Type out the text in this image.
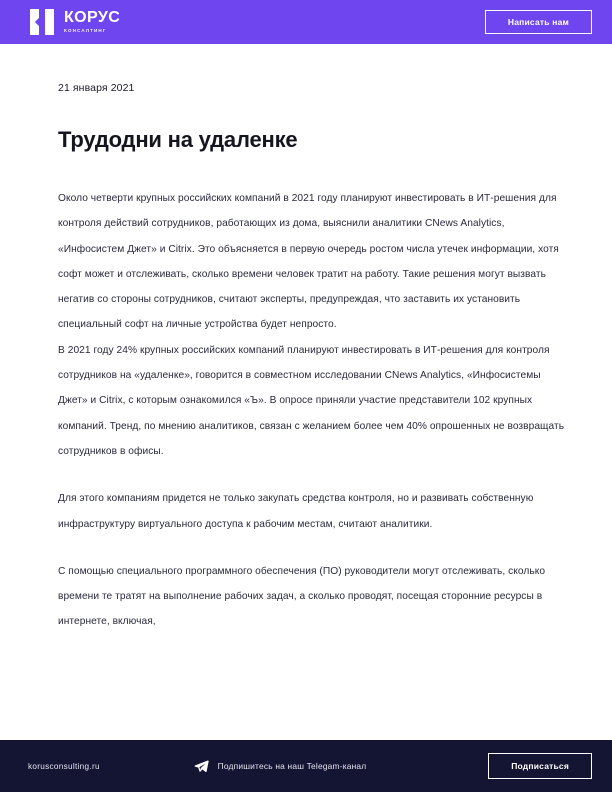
КОРУС
КОНСАЛТИНГ
Написать нам
21 января 2021
Трудодни на удаленке

Около четверти крупных российских компаний в 2021 году планируют инвестировать в ИТ-решения для контроля действий сотрудников, работающих из дома, выяснили аналитики CNews Analytics, «Инфосистем Джет» и Citrix. Это объясняется в первую очередь ростом числа утечек информации, хотя софт может и отслеживать, сколько времени человек тратит на работу. Такие решения могут вызвать негатив со стороны сотрудников, считают эксперты, предупреждая, что заставить их установить специальный софт на личные устройства будет непросто.

В 2021 году 24% крупных российских компаний планируют инвестировать в ИТ-решения для контроля сотрудников на «удаленке», говорится в совместном исследовании CNews Analytics, «Инфосистемы Джет» и Citrix, с которым ознакомился «Ъ». В опросе приняли участие представители 102 крупных компаний. Тренд, по мнению аналитиков, связан с желанием более чем 40% опрошенных не возвращать сотрудников в офисы.

Для этого компаниям придется не только закупать средства контроля, но и развивать собственную инфраструктуру виртуального доступа к рабочим местам, считают аналитики.

С помощью специального программного обеспечения (ПО) руководители могут отслеживать, сколько времени те тратят на выполнение рабочих задач, а сколько проводят, посещая сторонние ресурсы в интернете, включая,

korusconsulting.ru	Подпишитесь на наш Telegam-канал	Подписаться
